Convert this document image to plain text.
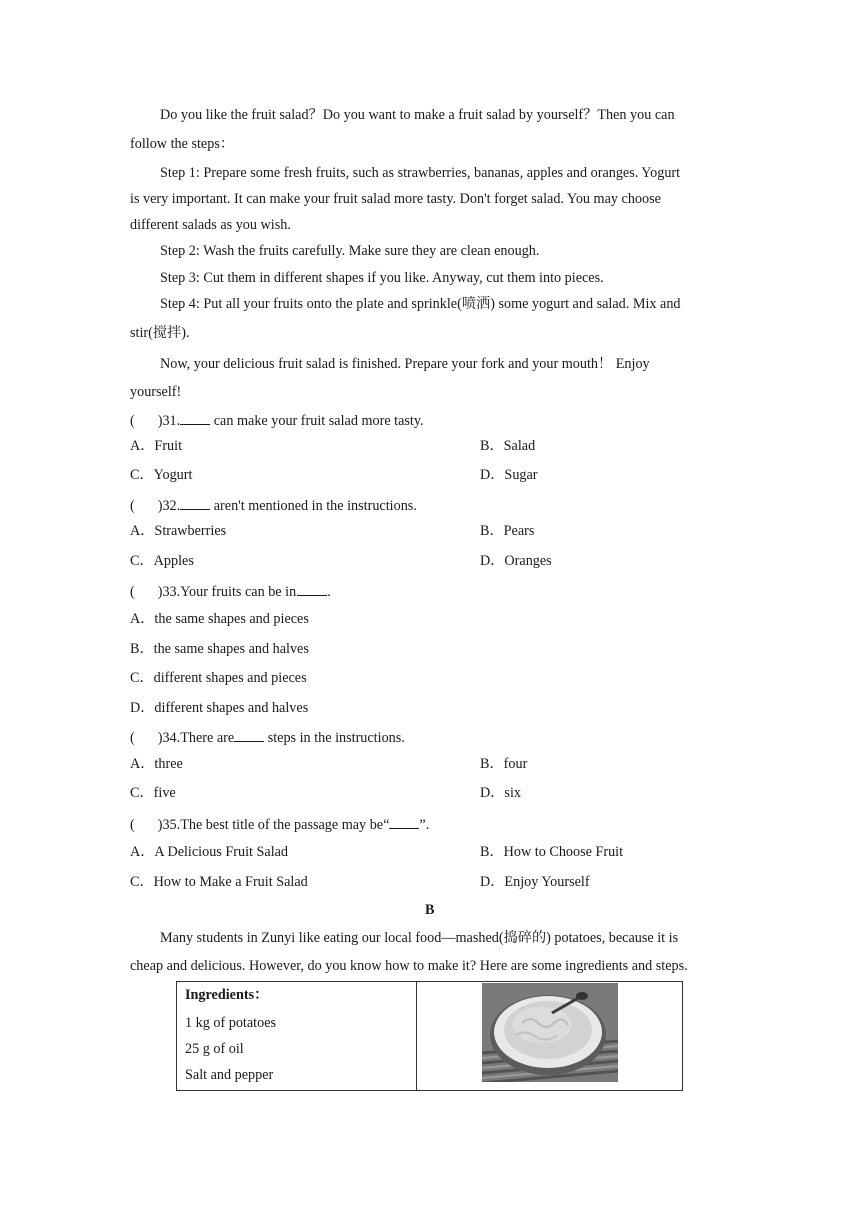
Do you like the fruit salad？Do you want to make a fruit salad by yourself？Then you can
follow the steps：
Step 1: Prepare some fresh fruits, such as strawberries, bananas, apples and oranges. Yogurt
is very important. It can make your fruit salad more tasty. Don't forget salad. You may choose
different salads as you wish.
Step 2: Wash the fruits carefully. Make sure they are clean enough.
Step 3: Cut them in different shapes if you like. Anyway, cut them into pieces.
Step 4: Put all your fruits onto the plate and sprinkle(喷洒) some yogurt and salad. Mix and
stir(搅拌).
Now, your delicious fruit salad is finished. Prepare your fork and your mouth！ Enjoy
yourself!
( )31. can make your fruit salad more tasty.
A．Fruit	B．Salad
C．Yogurt	D．Sugar
( )32. aren't mentioned in the instructions.
A．Strawberries	B．Pears
C．Apples	D．Oranges
( )33.Your fruits can be in .
A．the same shapes and pieces
B．the same shapes and halves
C．different shapes and pieces
D．different shapes and halves
( )34.There are steps in the instructions.
A．three	B．four
C．five	D．six
( )35.The best title of the passage may be“ ”.
A．A Delicious Fruit Salad	B．How to Choose Fruit
C．How to Make a Fruit Salad	D．Enjoy Yourself
B
Many students in Zunyi like eating our local food—mashed(捣碎的) potatoes, because it is
cheap and delicious. However, do you know how to make it? Here are some ingredients and steps.
Ingredients：
1 kg of potatoes
25 g of oil
Salt and pepper
